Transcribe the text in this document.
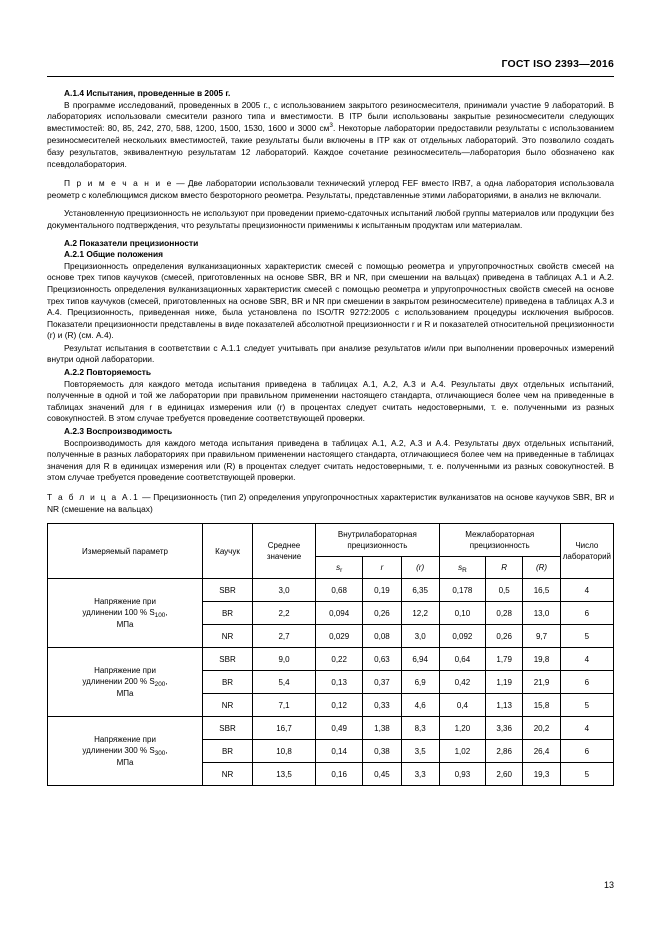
ГОСТ ISO 2393—2016
А.1.4 Испытания, проведенные в 2005 г.

В программе исследований, проведенных в 2005 г., с использованием закрытого резиносмесителя, принимали участие 9 лабораторий. В лабораториях использовали смесители разного типа и вместимости. В ITP были использованы закрытые резиносмесители следующих вместимостей: 80, 85, 242, 270, 588, 1200, 1500, 1530, 1600 и 3000 $см^3$. Некоторые лаборатории предоставили результаты с использованием резиносмесителей нескольких вместимостей, такие результаты были включены в ITP как от отдельных лабораторий. Это позволило создать базу результатов, эквивалентную результатам 12 лабораторий. Каждое сочетание резиносмеситель—лаборатория было обозначено как псевдолаборатория.

П р и м е ч а н и е — Две лаборатории использовали технический углерод FEF вместо IRB7, а одна лаборатория использовала реометр с колеблющимся диском вместо безроторного реометра. Результаты, представленные этими лабораториями, в анализ не включали.

Установленную прецизионность не используют при проведении приемо-сдаточных испытаний любой группы материалов или продукции без документального подтверждения, что результаты прецизионности применимы к испытанным продуктам или материалам.

А.2 Показатели прецизионности
А.2.1 Общие положения

Прецизионность определения вулканизационных характеристик смесей с помощью реометра и упругопрочностных свойств смесей на основе трех типов каучуков (смесей, приготовленных на основе SBR, BR и NR, при смешении на вальцах) приведена в таблицах А.1 и А.2. Прецизионность определения вулканизационных характеристик смесей с помощью реометра и упругопрочностных свойств смесей на основе трех типов каучуков (смесей, приготовленных на основе SBR, BR и NR при смешении в закрытом резиносмесителе) приведена в таблицах А.3 и А.4. Прецизионность, приведенная ниже, была установлена по ISO/TR 9272:2005 с использованием процедуры исключения выбросов. Показатели прецизионности представлены в виде показателей абсолютной прецизионности r и R и показателей относительной прецизионности (r) и (R) (см. А.4).

Результат испытания в соответствии с А.1.1 следует учитывать при анализе результатов и/или при выполнении проверочных измерений внутри одной лаборатории.

А.2.2 Повторяемость

Повторяемость для каждого метода испытания приведена в таблицах А.1, А.2, А.3 и А.4. Результаты двух отдельных испытаний, полученные в одной и той же лаборатории при правильном применении настоящего стандарта, отличающиеся более чем на приведенные в таблицах значений для r в единицах измерения или (r) в процентах следует считать недостоверными, т. е. полученными из разных совокупностей. В этом случае требуется проведение соответствующей проверки.

А.2.3 Воспроизводимость

Воспроизводимость для каждого метода испытания приведена в таблицах А.1, А.2, А.3 и А.4. Результаты двух отдельных испытаний, полученные в разных лабораториях при правильном применении настоящего стандарта, отличающиеся более чем на приведенные в таблицах значения для R в единицах измерения или (R) в процентах следует считать недостоверными, т. е. полученными из разных совокупностей. В этом случае требуется проведение соответствующей проверки.

Т а б л и ц а А.1 — Прецизионность (тип 2) определения упругопрочностных характеристик вулканизатов на основе каучуков SBR, BR и NR (смешение на вальцах)

Измеряемый параметр	Каучук	Среднее значение	Внутрилабораторная прецизионность			Межлабораторная прецизионность			Число лабораторий
			$s_r$	r	(r)	$s_R$	R	(R)	
Напряжение при
удлинении 100 % $S_{100}$,
МПа	SBR	3,0	0,68	0,19	6,35	0,178	0,5	16,5	4
	BR	2,2	0,094	0,26	12,2	0,10	0,28	13,0	6
	NR	2,7	0,029	0,08	3,0	0,092	0,26	9,7	5
Напряжение при
удлинении 200 % $S_{200}$,
МПа	SBR	9,0	0,22	0,63	6,94	0,64	1,79	19,8	4
	BR	5,4	0,13	0,37	6,9	0,42	1,19	21,9	6
	NR	7,1	0,12	0,33	4,6	0,4	1,13	15,8	5
Напряжение при
удлинении 300 % $S_{300}$,
МПа	SBR	16,7	0,49	1,38	8,3	1,20	3,36	20,2	4
	BR	10,8	0,14	0,38	3,5	1,02	2,86	26,4	6
	NR	13,5	0,16	0,45	3,3	0,93	2,60	19,3	5
13
